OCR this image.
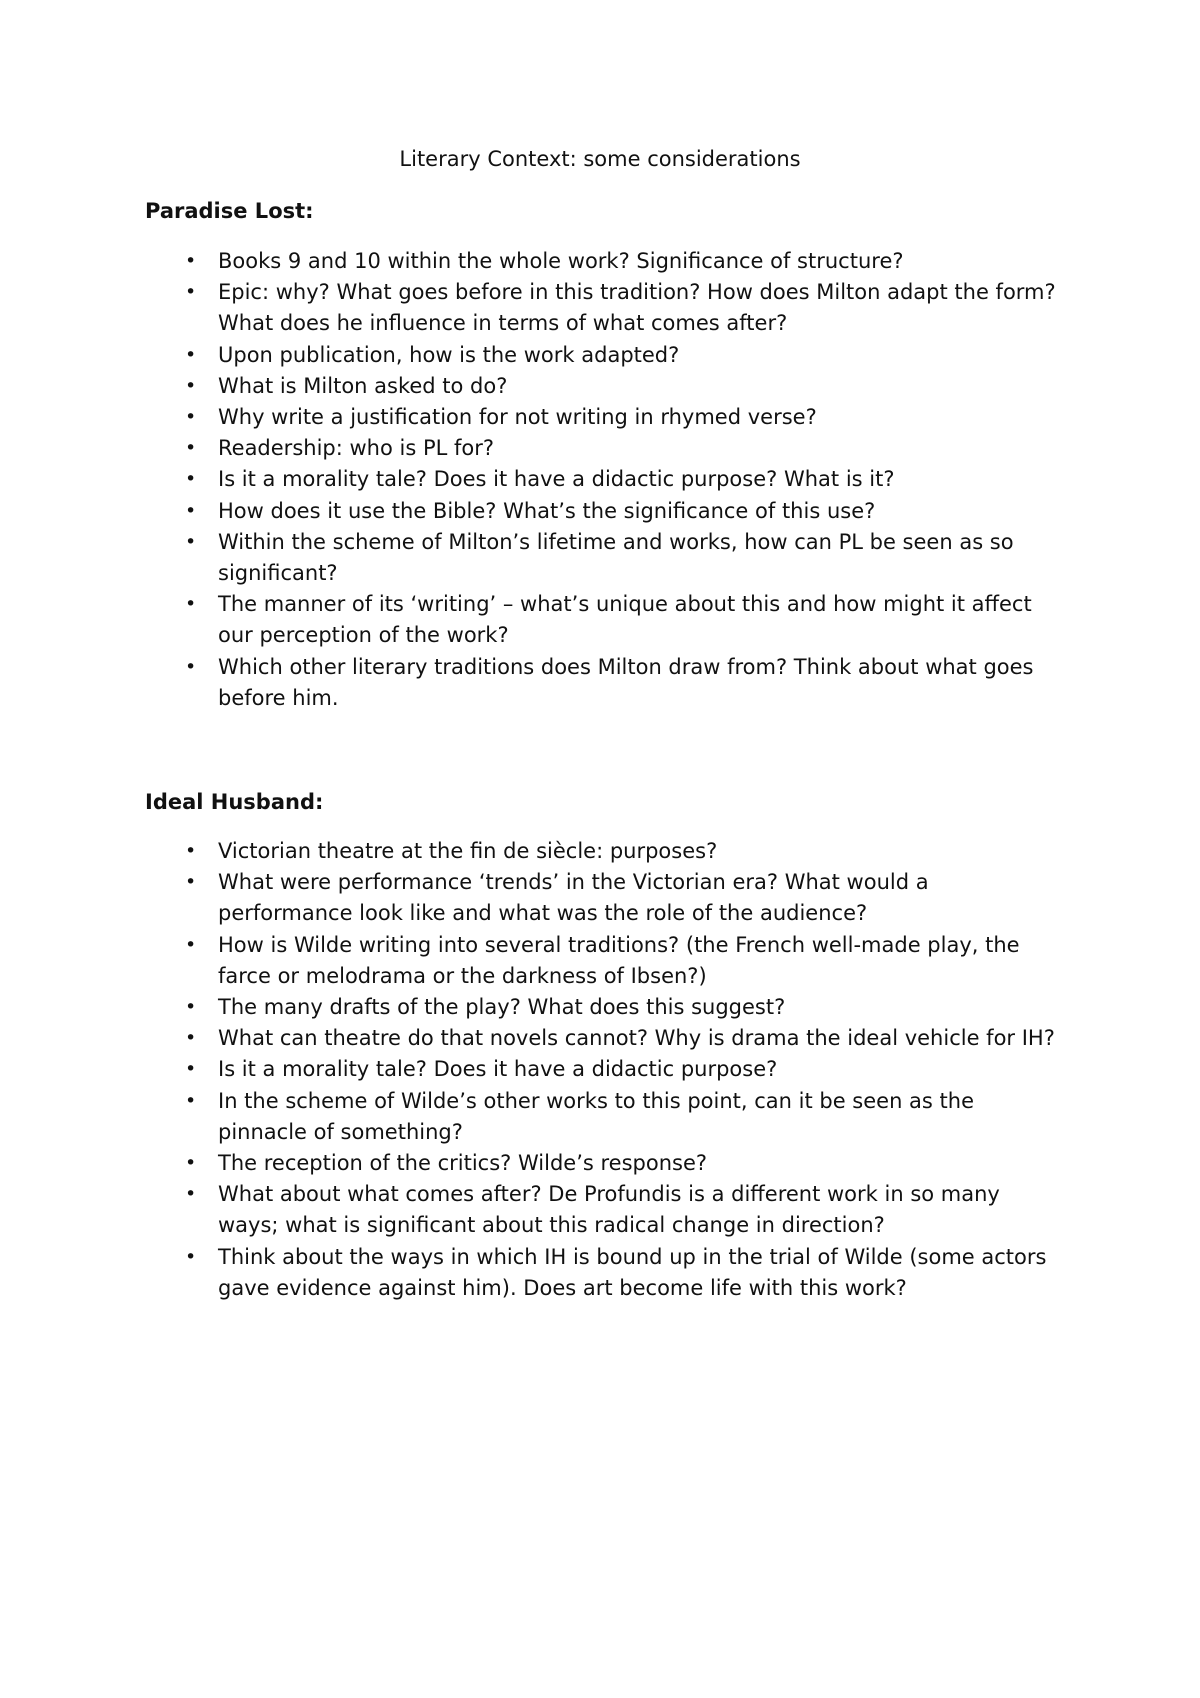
Literary Context: some considerations
Paradise Lost:
•	Books 9 and 10 within the whole work? Significance of structure?
•	Epic: why? What goes before in this tradition? How does Milton adapt the form? What does he influence in terms of what comes after?
•	Upon publication, how is the work adapted?
•	What is Milton asked to do?
•	Why write a justification for not writing in rhymed verse?
•	Readership: who is PL for?
•	Is it a morality tale? Does it have a didactic purpose? What is it?
•	How does it use the Bible? What’s the significance of this use?
•	Within the scheme of Milton’s lifetime and works, how can PL be seen as so significant?
•	The manner of its ‘writing’ – what’s unique about this and how might it affect our perception of the work?
•	Which other literary traditions does Milton draw from? Think about what goes before him.
Ideal Husband:
•	Victorian theatre at the fin de siècle: purposes?
•	What were performance ‘trends’ in the Victorian era? What would a performance look like and what was the role of the audience?
•	How is Wilde writing into several traditions? (the French well-made play, the farce or melodrama or the darkness of Ibsen?)
•	The many drafts of the play? What does this suggest?
•	What can theatre do that novels cannot? Why is drama the ideal vehicle for IH?
•	Is it a morality tale? Does it have a didactic purpose?
•	In the scheme of Wilde’s other works to this point, can it be seen as the pinnacle of something?
•	The reception of the critics? Wilde’s response?
•	What about what comes after? De Profundis is a different work in so many ways; what is significant about this radical change in direction?
•	Think about the ways in which IH is bound up in the trial of Wilde (some actors gave evidence against him). Does art become life with this work?
